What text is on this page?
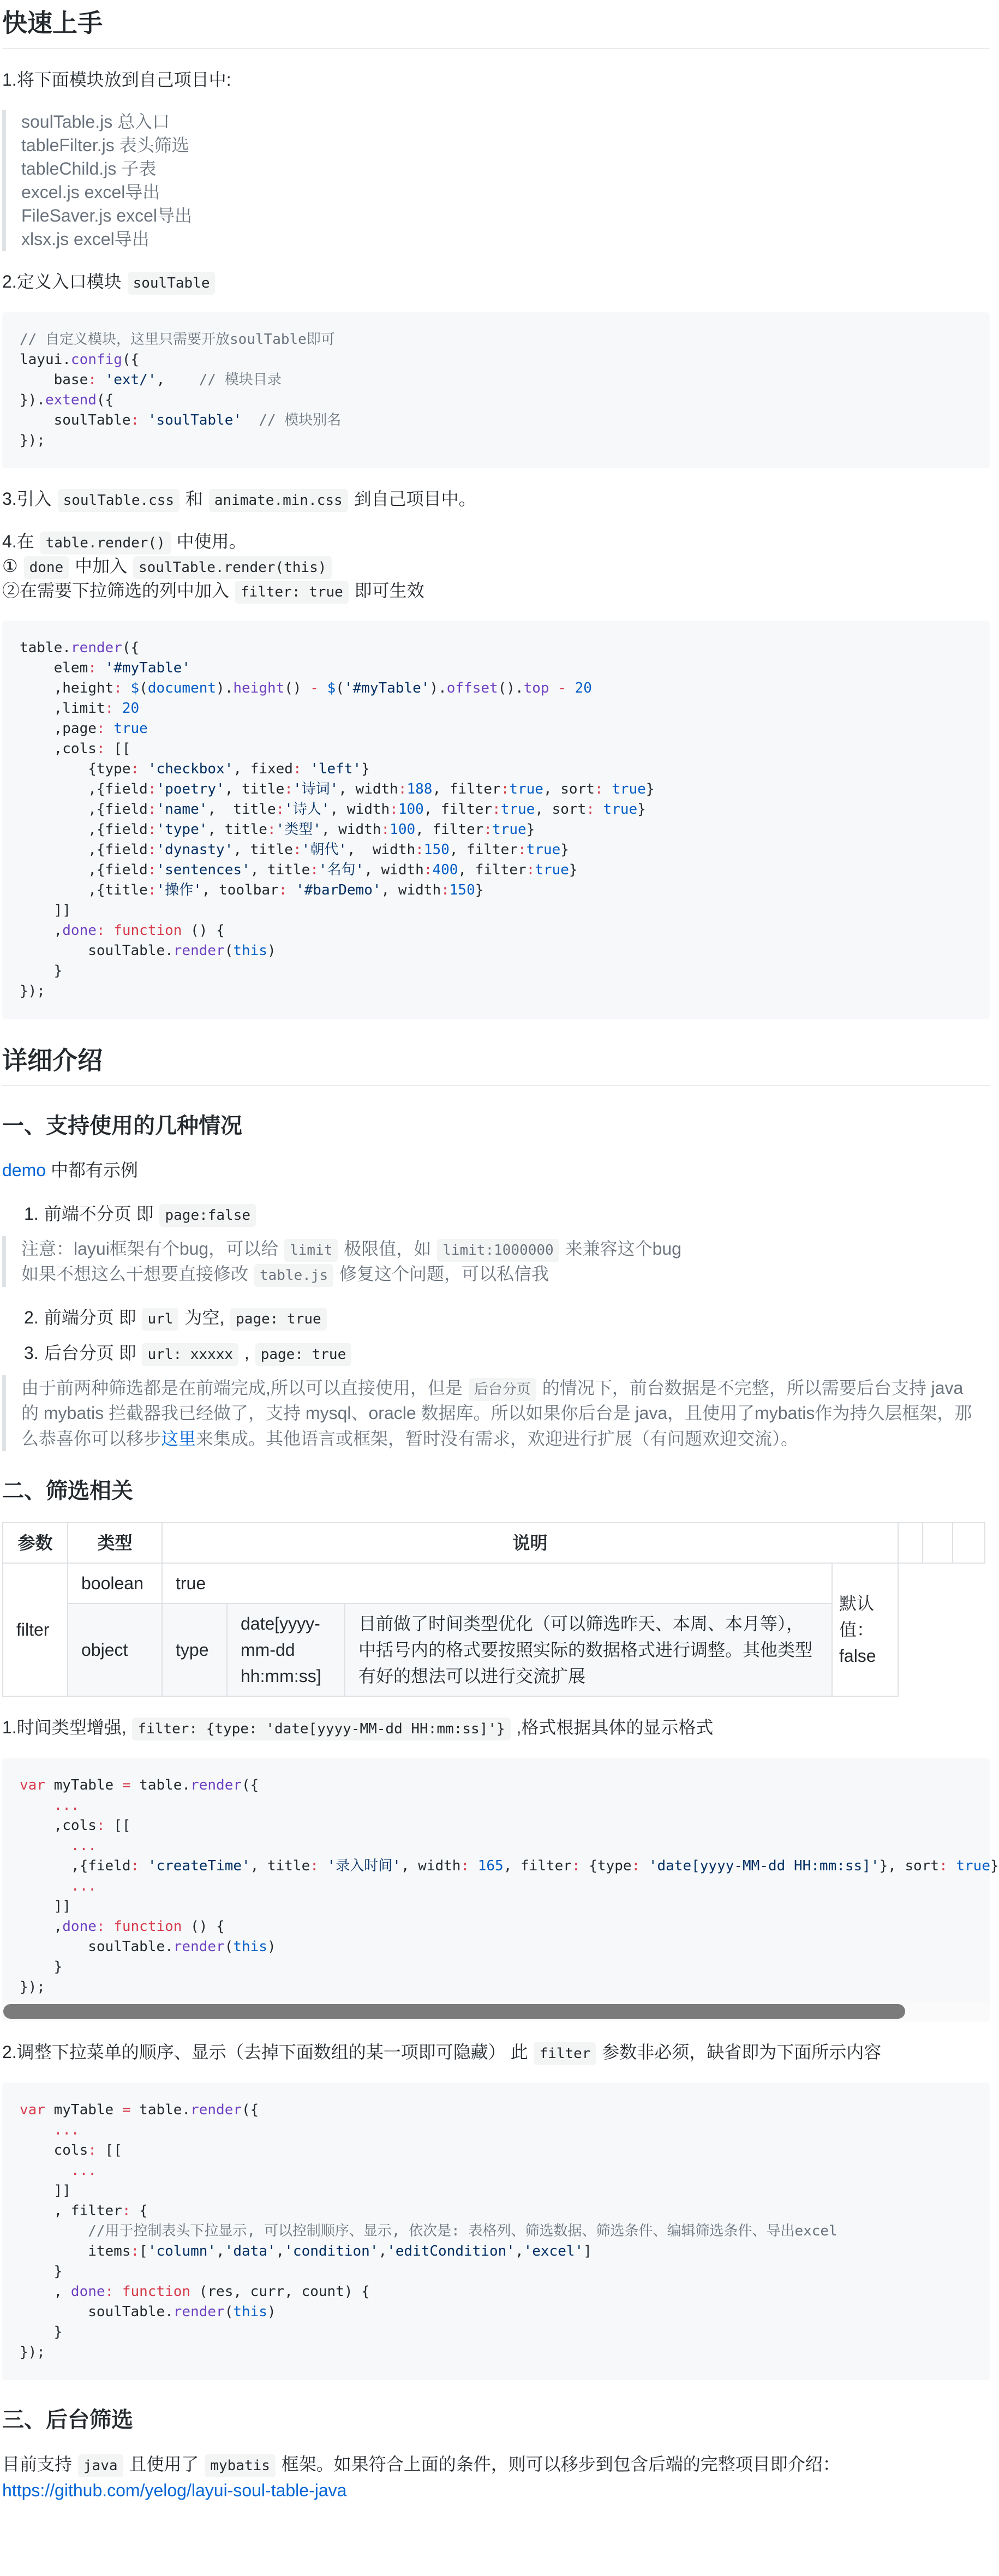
快速上手

1.将下面模块放到自己项目中:

soulTable.js 总入口
tableFilter.js 表头筛选
tableChild.js 子表
excel.js excel导出
FileSaver.js excel导出
xlsx.js excel导出

2.定义入口模块 soulTable

// 自定义模块，这里只需要开放soulTable即可
layui.config({
base: 'ext/',    // 模块目录
}).extend({
soulTable: 'soulTable' // 模块别名
});

3.引入 soulTable.css 和 animate.min.css 到自己项目中。

4.在 table.render() 中使用。
① done 中加入 soulTable.render(this)
②在需要下拉筛选的列中加入 filter: true 即可生效
table.render({
elem: '#myTable'
,height: $(document).height() - $('#myTable').offset().top - 20
,limit: 20
,page: true
,cols: [[
{type: 'checkbox', fixed: 'left'}
,{field:'poetry', title:'诗词', width:188, filter:true, sort: true}
,{field:'name',  title:'诗人', width:100, filter:true, sort: true}
,{field:'type', title:'类型', width:100, filter:true}
,{field:'dynasty', title:'朝代',  width:150, filter:true}
,{field:'sentences', title:'名句', width:400, filter:true}
,{title:'操作', toolbar: '#barDemo', width:150}
]]
,done: function () {
soulTable.render(this)
}
});
详细介绍
一、支持使用的几种情况

demo 中都有示例

1. 前端不分页 即 page:false
注意：layui框架有个bug，可以给 limit 极限值，如 limit:1000000 来兼容这个bug
如果不想这么干想要直接修改 table.js 修复这个问题，可以私信我
2. 前端分页 即 url 为空, page: true
3. 后台分页 即 url: xxxxx , page: true
由于前两种筛选都是在前端完成,所以可以直接使用，但是 后台分页 的情况下，前台数据是不完整，所以需要后台支持 java 的 mybatis 拦截器我已经做了，支持 mysql、oracle 数据库。所以如果你后台是 java，且使用了mybatis作为持久层框架，那么恭喜你可以移步这里来集成。其他语言或框架，暂时没有需求，欢迎进行扩展（有问题欢迎交流）。
二、筛选相关
参数	类型	说明						
filter	boolean	true			默认值：false			
	object	type	date[yyyy-mm-dd hh:mm:ss]	目前做了时间类型优化（可以筛选昨天、本周、本月等），中括号内的格式要按照实际的数据格式进行调整。其他类型有好的想法可以进行交流扩展				

1.时间类型增强, filter: {type: 'date[yyyy-MM-dd HH:mm:ss]'} ,格式根据具体的显示格式

var myTable = table.render({
...
,cols: [[
...
,{field: 'createTime', title: '录入时间', width: 165, filter: {type: 'date[yyyy-MM-dd HH:mm:ss]'}, sort: true}
...
]]
,done: function () {
soulTable.render(this)
}
});

2.调整下拉菜单的顺序、显示（去掉下面数组的某一项即可隐藏） 此 filter 参数非必须，缺省即为下面所示内容

var myTable = table.render({
...
cols: [[
...
]]
, filter: {
//用于控制表头下拉显示, 可以控制顺序、显示, 依次是: 表格列、筛选数据、筛选条件、编辑筛选条件、导出excel
items:['column','data','condition','editCondition','excel']
}
, done: function (res, curr, count) {
soulTable.render(this)
}
});
三、后台筛选

目前支持 java 且使用了 mybatis 框架。如果符合上面的条件，则可以移步到包含后端的完整项目即介绍：
https://github.com/yelog/layui-soul-table-java
